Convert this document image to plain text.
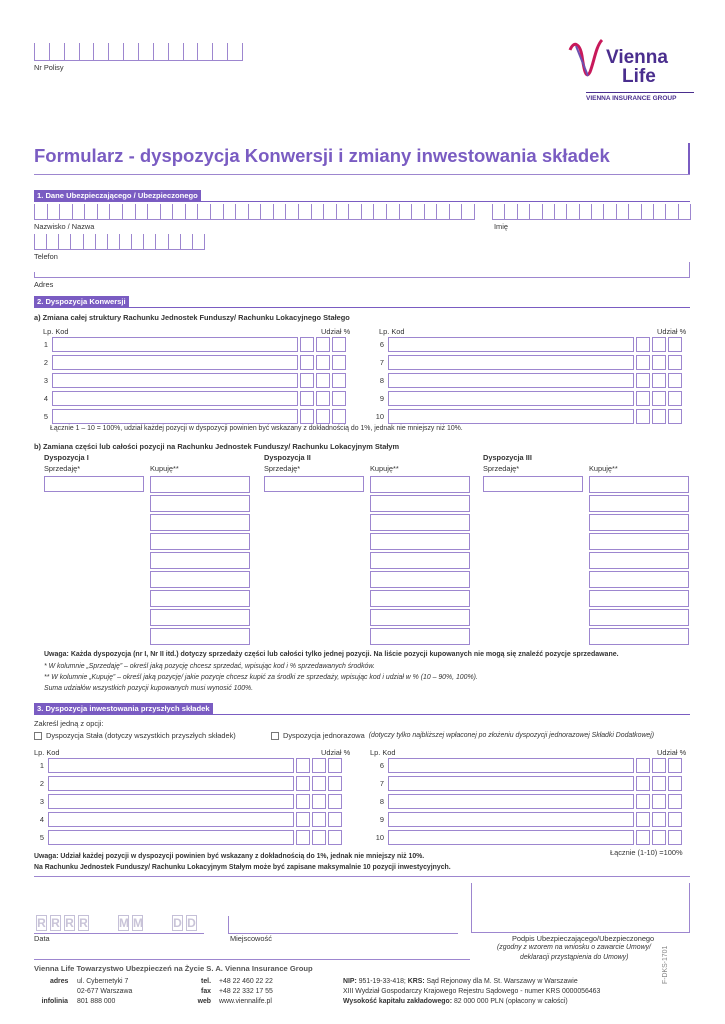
Nr Polisy	Vienna
Life
VIENNA INSURANCE GROUP
Formularz - dyspozycja Konwersji i zmiany inwestowania składek
1. Dane Ubezpieczającego / Ubezpieczonego
Nazwisko / Nazwa	Imię
Telefon
Adres
2. Dyspozycja Konwersji
a) Zmiana całej struktury Rachunku Jednostek Funduszy/ Rachunku Lokacyjnego Stałego
Lp. Kod	Udział %	Lp. Kod	Udział %
1
2
3
4
5
6
7
8
9
10
Łącznie 1 – 10 = 100%, udział każdej pozycji w dyspozycji powinien być wskazany z dokładnością do 1%, jednak nie mniejszy niż 10%.
b) Zamiana części lub całości pozycji na Rachunku Jednostek Funduszy/ Rachunku Lokacyjnym Stałym
Dyspozycja I
Sprzedaję*	Kupuję**
Dyspozycja II
Sprzedaję*	Kupuję**
Dyspozycja III
Sprzedaję*	Kupuję**
Uwaga: Każda dyspozycja (nr I, Nr II itd.) dotyczy sprzedaży części lub całości tylko jednej pozycji. Na liście pozycji kupowanych nie mogą się znaleźć pozycje sprzedawane.
* W kolumnie „Sprzedaję” – określ jaką pozycję chcesz sprzedać, wpisując kod i % sprzedawanych środków.
** W kolumnie „Kupuję” – określ jaką pozycję/ jakie pozycje chcesz kupić za środki ze sprzedaży, wpisując kod i udział w % (10 – 90%, 100%).
Suma udziałów wszystkich pozycji kupowanych musi wynosić 100%.
3. Dyspozycja inwestowania przyszłych składek
Zakreśl jedną z opcji:
Dyspozycja Stała (dotyczy wszystkich przyszłych składek)	Dyspozycja jednorazowa (dotyczy tylko najbliższej wpłaconej po złożeniu dyspozycji jednorazowej Składki Dodatkowej)
Lp. Kod	Udział %	Lp. Kod	Udział %
1
2
3
4
5
6
7
8
9
10
Łącznie (1-10) =100%
Uwaga: Udział każdej pozycji w dyspozycji powinien być wskazany z dokładnością do 1%, jednak nie mniejszy niż 10%.
Na Rachunku Jednostek Funduszy/ Rachunku Lokacyjnym Stałym może być zapisane maksymalnie 10 pozycji inwestycyjnych.
R R R R	M M	D D
Data	Miejscowość	Podpis Ubezpieczającego/Ubezpieczonego
(zgodny z wzorem na wniosku o zawarcie Umowy/
deklaracji przystąpienia do Umowy)
Vienna Life Towarzystwo Ubezpieczeń na Życie S. A. Vienna Insurance Group
adres ul. Cybernetyki 7
02-677 Warszawa
infolinia 801 888 000
tel. +48 22 460 22 22
fax +48 22 332 17 55
web www.viennalife.pl
NIP: 951-19-33-418; KRS: Sąd Rejonowy dla M. St. Warszawy w Warszawie
XIII Wydział Gospodarczy Krajowego Rejestru Sądowego - numer KRS 0000056463
Wysokość kapitału zakładowego: 82 000 000 PLN (opłacony w całości)
F-DKS-1701
